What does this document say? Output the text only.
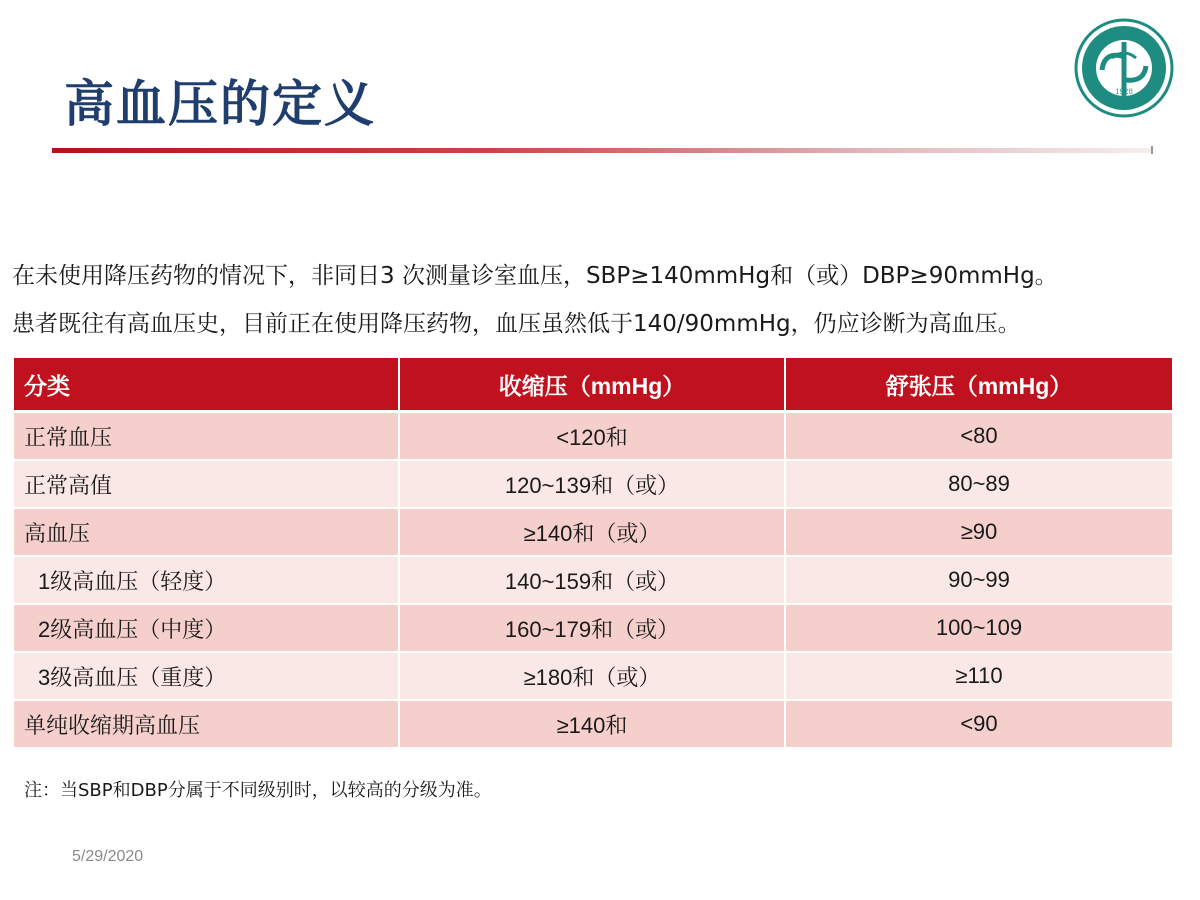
高血压的定义	1928

在未使用降压药物的情况下，非同日3 次测量诊室血压，SBP≥140mmHg和（或）DBP≥90mmHg。

患者既往有高血压史，目前正在使用降压药物，血压虽然低于140/90mmHg，仍应诊断为高血压。

分类	收缩压（mmHg）	舒张压（mmHg）
正常血压	<120和	<80
正常高值	120~139和（或）	80~89
高血压	≥140和（或）	≥90
1级高血压（轻度）	140~159和（或）	90~99
2级高血压（中度）	160~179和（或）	100~109
3级高血压（重度）	≥180和（或）	≥110
单纯收缩期高血压	≥140和	<90
注：当SBP和DBP分属于不同级别时，以较高的分级为准。
5/29/2020
